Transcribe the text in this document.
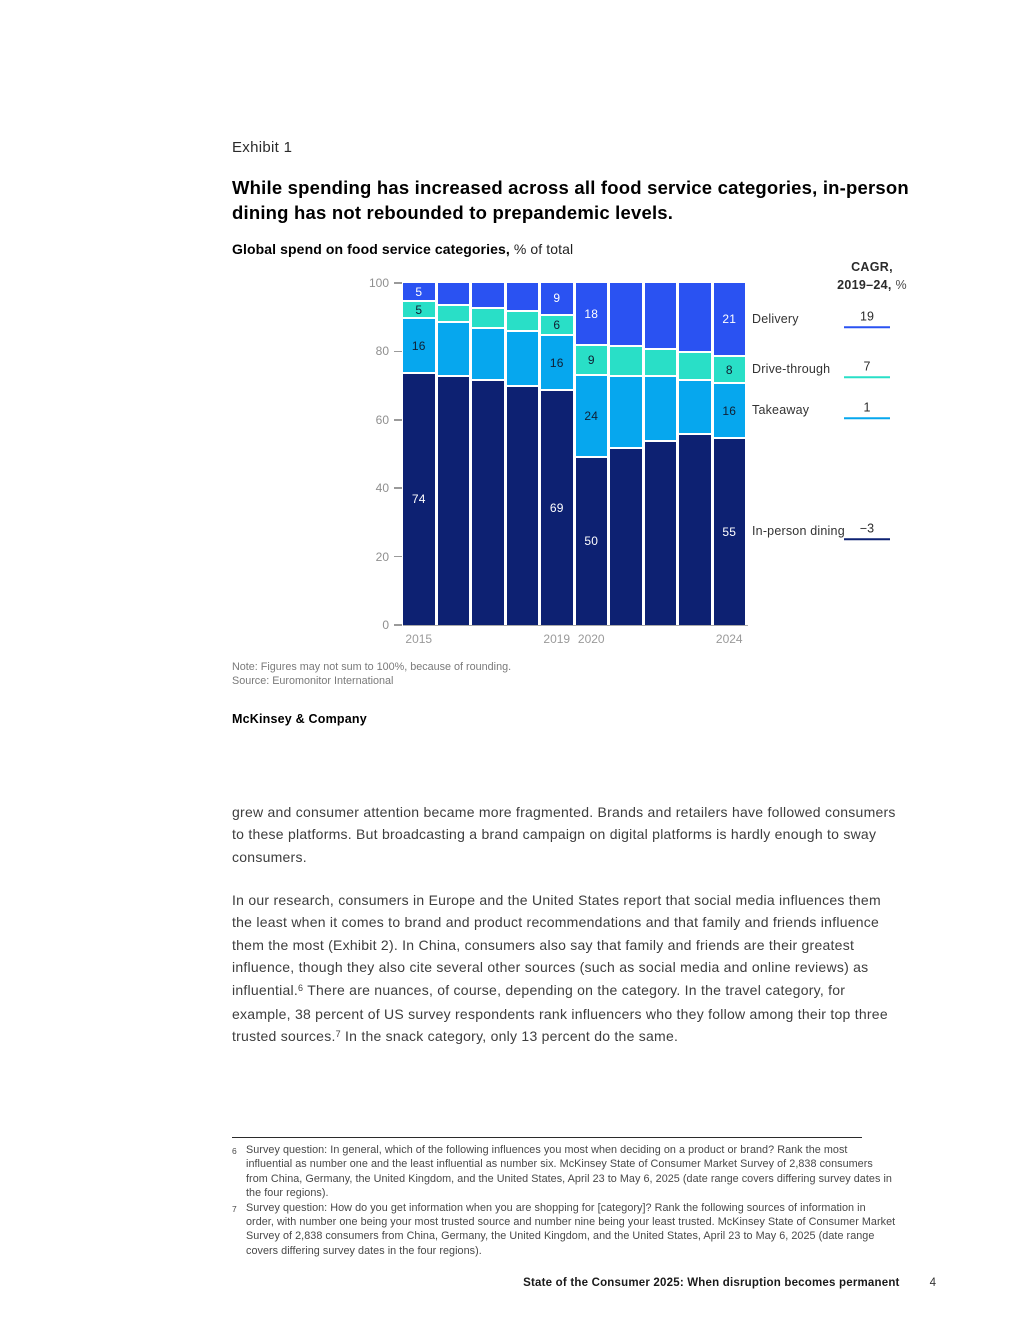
Exhibit 1
While spending has increased across all food service categories, in-person dining has not rebounded to prepandemic levels.
Global spend on food service categories, % of total
CAGR,
2019–24, %
0
20
40
60
80
100
74
16
5
5
69
16
6
9
50
24
9
18
55
16
8
21
2015	2019 2020	2024
In-person dining
Takeaway
Drive-through
Delivery
−3
1
7
19
Note: Figures may not sum to 100%, because of rounding.
Source: Euromonitor International
McKinsey & Company

grew and consumer attention became more fragmented. Brands and retailers have followed consumers to these platforms. But broadcasting a brand campaign on digital platforms is hardly enough to sway consumers.

In our research, consumers in Europe and the United States report that social media influences them the least when it comes to brand and product recommendations and that family and friends influence them the most (Exhibit 2). In China, consumers also say that family and friends are their greatest influence, though they also cite several other sources (such as social media and online reviews) as influential.$^6$ There are nuances, of course, depending on the category. In the travel category, for example, 38 percent of US survey respondents rank influencers who they follow among their top three trusted sources.$^7$ In the snack category, only 13 percent do the same.

6 Survey question: In general, which of the following influences you most when deciding on a product or brand? Rank the most influential as number one and the least influential as number six. McKinsey State of Consumer Market Survey of 2,838 consumers from China, Germany, the United Kingdom, and the United States, April 23 to May 6, 2025 (date range covers differing survey dates in the four regions).
7 Survey question: How do you get information when you are shopping for [category]? Rank the following sources of information in order, with number one being your most trusted source and number nine being your least trusted. McKinsey State of Consumer Market Survey of 2,838 consumers from China, Germany, the United Kingdom, and the United States, April 23 to May 6, 2025 (date range covers differing survey dates in the four regions).
State of the Consumer 2025: When disruption becomes permanent	4
